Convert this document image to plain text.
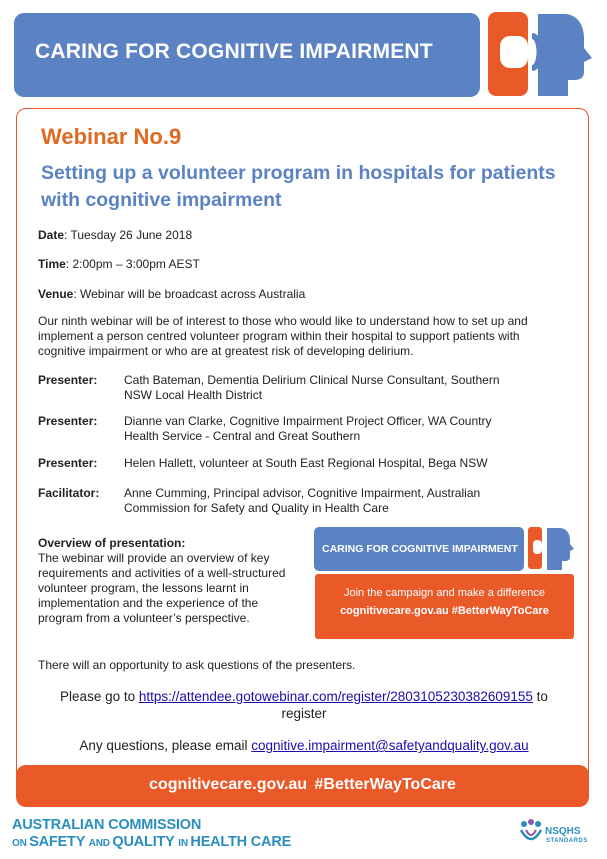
CARING FOR COGNITIVE IMPAIRMENT
Webinar No.9
Setting up a volunteer program in hospitals for patients with cognitive impairment
Date: Tuesday 26 June 2018
Time: 2:00pm – 3:00pm AEST
Venue: Webinar will be broadcast across Australia
Our ninth webinar will be of interest to those who would like to understand how to set up and implement a person centred volunteer program within their hospital to support patients with cognitive impairment or who are at greatest risk of developing delirium.
Presenter: Cath Bateman, Dementia Delirium Clinical Nurse Consultant, Southern
NSW Local Health District
Presenter: Dianne van Clarke, Cognitive Impairment Project Officer, WA Country
Health Service - Central and Great Southern
Presenter: Helen Hallett, volunteer at South East Regional Hospital, Bega NSW
Facilitator: Anne Cumming, Principal advisor, Cognitive Impairment, Australian
Commission for Safety and Quality in Health Care
Overview of presentation:
The webinar will provide an overview of key requirements and activities of a well-structured volunteer program, the lessons learnt in implementation and the experience of the program from a volunteer’s perspective.
CARING FOR COGNITIVE IMPAIRMENT
Join the campaign and make a difference
cognitivecare.gov.au #BetterWayToCare
There will an opportunity to ask questions of the presenters.
Please go to https://attendee.gotowebinar.com/register/2803105230382609155 to register
Any questions, please email cognitive.impairment@safetyandquality.gov.au
cognitivecare.gov.au #BetterWayToCare
AUSTRALIAN COMMISSION
ON SAFETY AND QUALITY IN HEALTH CARE
NSQHS
STANDARDS
